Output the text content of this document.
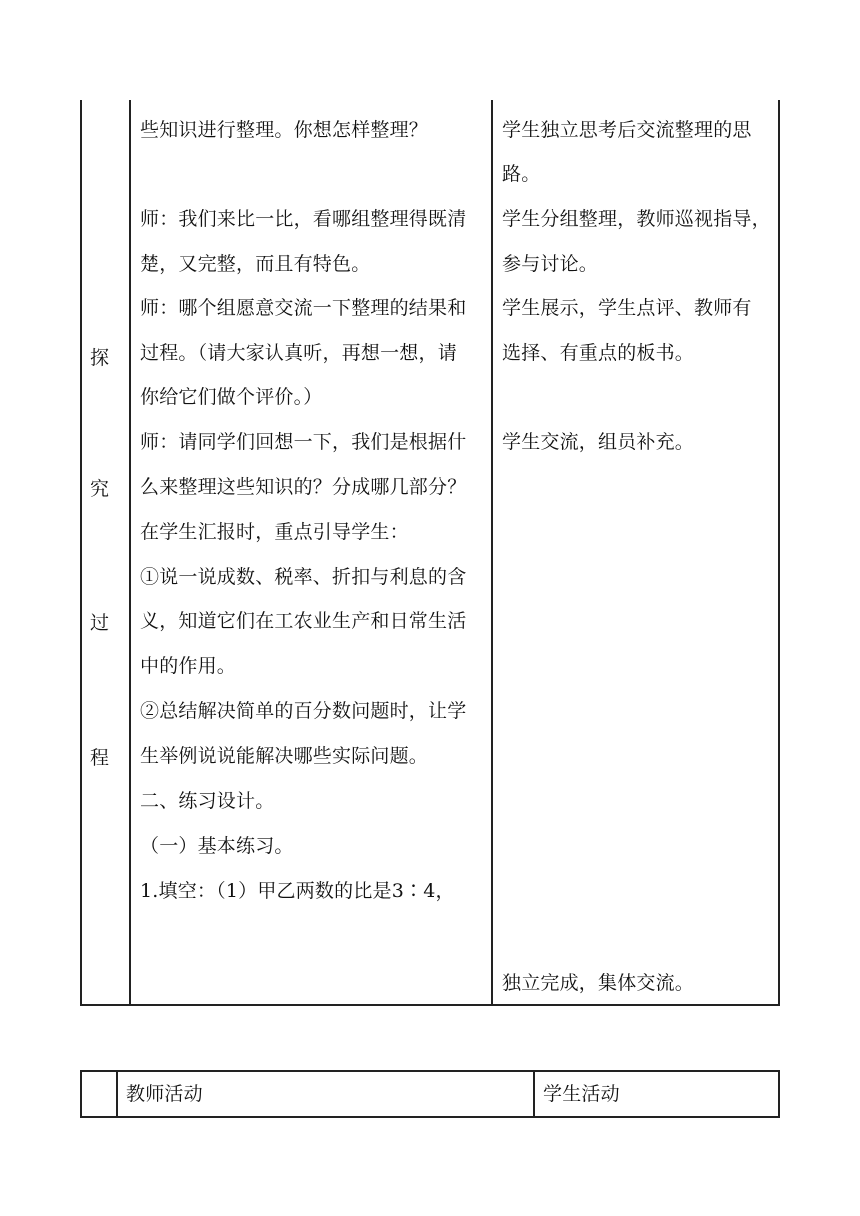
探
究
过
程
些知识进行整理。你想怎样整理？
师：我们来比一比，看哪组整理得既清
楚，又完整，而且有特色。
师：哪个组愿意交流一下整理的结果和
过程。（请大家认真听，再想一想，请
你给它们做个评价。）
师：请同学们回想一下，我们是根据什
么来整理这些知识的？分成哪几部分？
在学生汇报时，重点引导学生：
①说一说成数、税率、折扣与利息的含
义，知道它们在工农业生产和日常生活
中的作用。
②总结解决简单的百分数问题时，让学
生举例说说能解决哪些实际问题。
二、练习设计。
（一）基本练习。
1.填空：（1）甲乙两数的比是3∶4，
学生独立思考后交流整理的思
路。
学生分组整理，教师巡视指导，
参与讨论。
学生展示，学生点评、教师有
选择、有重点的板书。
学生交流，组员补充。
独立完成，集体交流。
教师活动	学生活动
